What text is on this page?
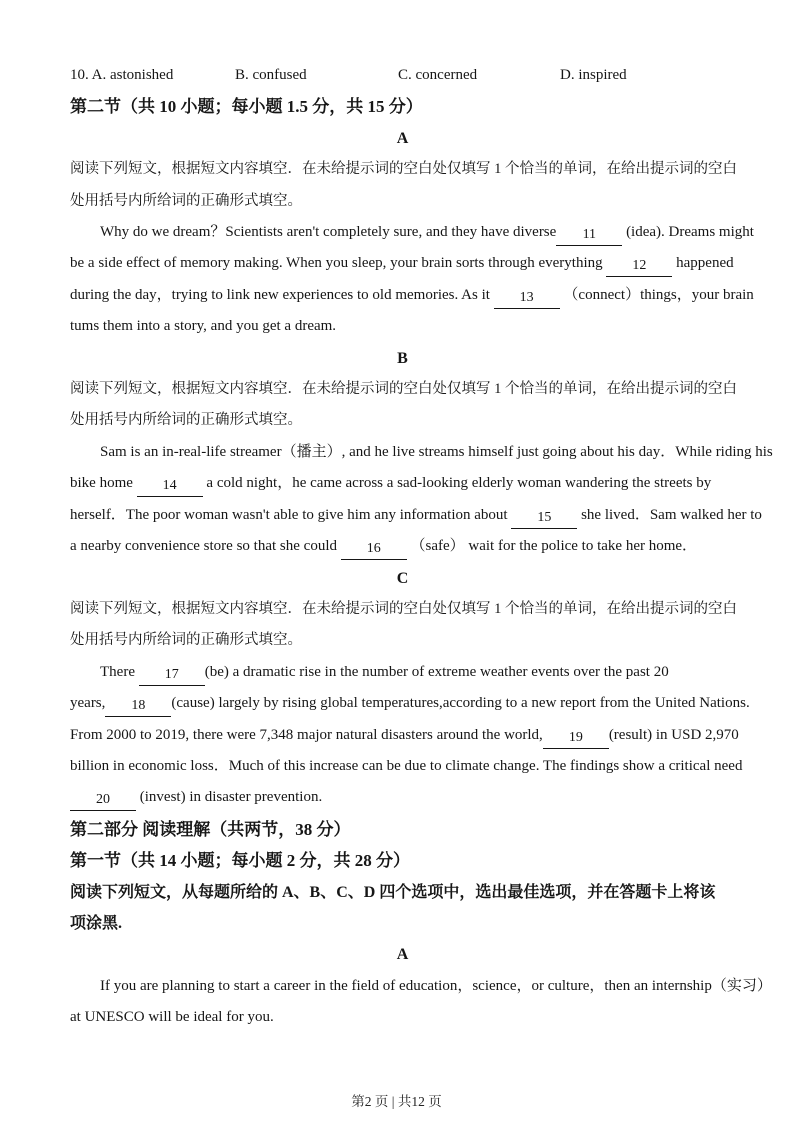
10. A. astonished	B. confused	C. concerned	D. inspired
第二节（共 10 小题；每小题 1.5 分，共 15 分）
A
阅读下列短文，根据短文内容填空．在未给提示词的空白处仅填写 1 个恰当的单词，在给出提示词的空白
处用括号内所给词的正确形式填空。
Why do we dream？Scientists aren't completely sure, and they have diverse 11 (idea). Dreams might
be a side effect of memory making. When you sleep, your brain sorts through everything 12 happened
during the day，trying to link new experiences to old memories. As it 13 （connect）things，your brain
tums them into a story, and you get a dream.
B
阅读下列短文，根据短文内容填空．在未给提示词的空白处仅填写 1 个恰当的单词，在给出提示词的空白
处用括号内所给词的正确形式填空。
Sam is an in-real-life streamer（播主）, and he live streams himself just going about his day．While riding his
bike home 14 a cold night，he came across a sad-looking elderly woman wandering the streets by
herself．The poor woman wasn't able to give him any information about 15 she lived．Sam walked her to
a nearby convenience store so that she could 16 （safe） wait for the police to take her home．
C
阅读下列短文，根据短文内容填空．在未给提示词的空白处仅填写 1 个恰当的单词，在给出提示词的空白
处用括号内所给词的正确形式填空。
There 17 (be) a dramatic rise in the number of extreme weather events over the past 20
years, 18 (cause) largely by rising global temperatures,according to a new report from the United Nations.
From 2000 to 2019, there were 7,348 major natural disasters around the world, 19 (result) in USD 2,970
billion in economic loss．Much of this increase can be due to climate change. The findings show a critical need
20 (invest) in disaster prevention.
第二部分 阅读理解（共两节，38 分）
第一节（共 14 小题；每小题 2 分，共 28 分）
阅读下列短文，从每题所给的 A、B、C、D 四个选项中，选出最佳选项，并在答题卡上将该
项涂黑.
A
If you are planning to start a career in the field of education，science，or culture，then an internship（实习）
at UNESCO will be ideal for you.
第2 页 | 共12 页
